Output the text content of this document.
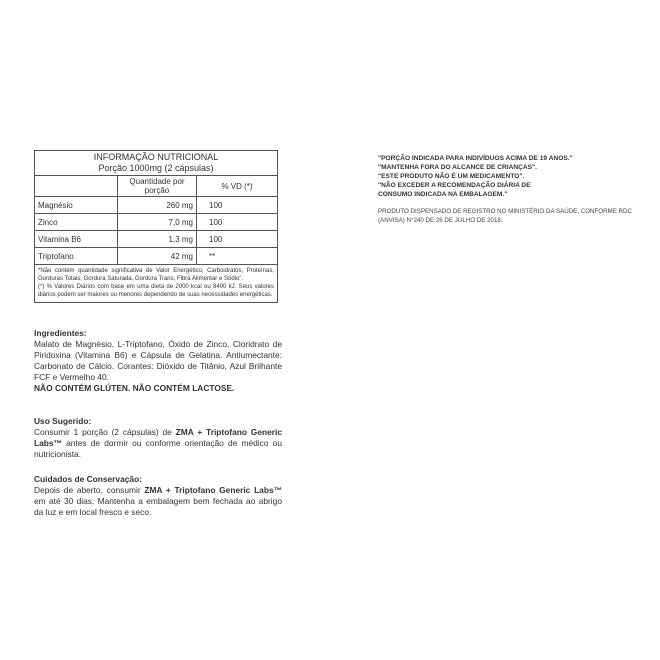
INFORMAÇÃO NUTRICIONAL
Porção 1000mg (2 cápsulas)		

	Quantidade por porção	% VD (*)
Magnésio	260 mg	100
Zinco	7,0 mg	100
Vitamina B6	1,3 mg	100
Triptofano	42 mg	**

*Não contém quantidade significativa de Valor Energético, Carboidratos, Proteínas, Gorduras Totais, Gordura Saturada, Gordura Trans, Fibra Alimentar e Sódio".
(*) % Valores Diários com base em uma dieta de 2000 kcal ou 8400 kJ. Seus valores diários podem ser maiores ou menores dependendo de suas necessidades energéticas.		
Ingredientes:
Malato de Magnésio, L-Triptofano, Óxido de Zinco, Cloridrato de Piridoxina (Vitamina B6) e Cápsula de Gelatina. Antiumectante: Carbonato de Cálcio. Corantes: Dióxido de Titânio, Azul Brilhante FCF e Vermelho 40.
NÃO CONTÉM GLÚTEN. NÃO CONTÉM LACTOSE.
Uso Sugerido:
Consumir 1 porção (2 cápsulas) de ZMA + Triptofano Generic Labs™ antes de dormir ou conforme orientação de médico ou nutricionista.
Cuidados de Conservação:
Depois de aberto, consumir ZMA + Triptofano Generic Labs™ em até 30 dias. Mantenha a embalagem bem fechada ao abrigo da luz e em local fresco e seco.
"PORÇÃO INDICADA PARA INDIVÍDUOS ACIMA DE 19 ANOS."
"MANTENHA FORA DO ALCANCE DE CRIANÇAS".
"ESTE PRODUTO NÃO É UM MEDICAMENTO".
"NÃO EXCEDER A RECOMENDAÇÃO DIÁRIA DE
CONSUMO INDICADA NA EMBALAGEM."
PRODUTO DISPENSADO DE REGISTRO NO MINISTÉRIO DA SAÚDE, CONFORME RDC (ANVISA) N°240 DE 26 DE JULHO DE 2018.
